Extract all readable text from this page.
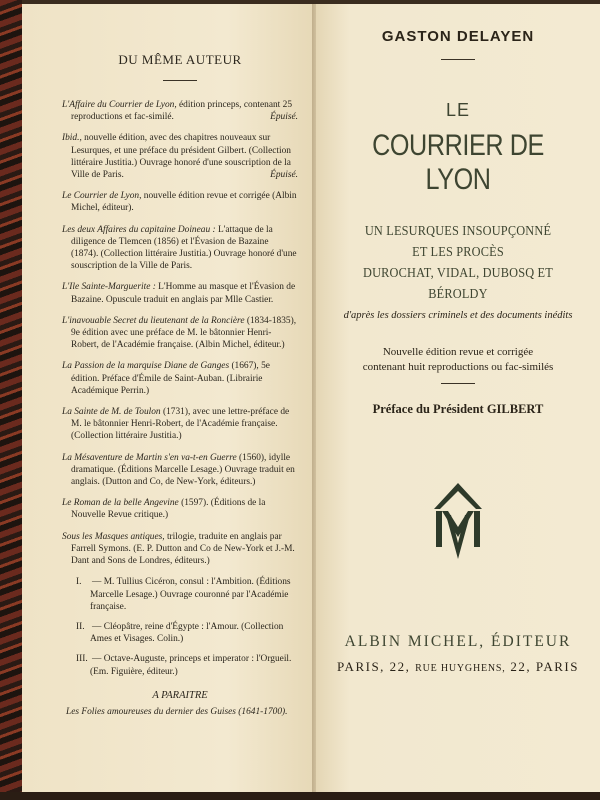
DU MÊME AUTEUR

L'Affaire du Courrier de Lyon, édition princeps, contenant 25 reproductions et fac-similé.	Épuisé.
Ibid., nouvelle édition, avec des chapitres nouveaux sur Lesurques, et une préface du président Gilbert. (Collection littéraire Justitia.) Ouvrage honoré d'une souscription de la Ville de Paris.	Épuisé.
Le Courrier de Lyon, nouvelle édition revue et corrigée (Albin Michel, éditeur).
Les deux Affaires du capitaine Doineau : L'attaque de la diligence de Tlemcen (1856) et l'Évasion de Bazaine (1874). (Collection littéraire Justitia.) Ouvrage honoré d'une souscription de la Ville de Paris.
L'Ile Sainte-Marguerite : L'Homme au masque et l'Évasion de Bazaine. Opuscule traduit en anglais par Mlle Castier.
L'inavouable Secret du lieutenant de la Roncière (1834-1835), 9e édition avec une préface de M. le bâtonnier Henri-Robert, de l'Académie française. (Albin Michel, éditeur.)
La Passion de la marquise Diane de Ganges (1667), 5e édition. Préface d'Émile de Saint-Auban. (Librairie Académique Perrin.)
La Sainte de M. de Toulon (1731), avec une lettre-préface de M. le bâtonnier Henri-Robert, de l'Académie française. (Collection littéraire Justitia.)
La Mésaventure de Martin s'en va-t-en Guerre (1560), idylle dramatique. (Éditions Marcelle Lesage.) Ouvrage traduit en anglais. (Dutton and Co, de New-York, éditeurs.)
Le Roman de la belle Angevine (1597). (Éditions de la Nouvelle Revue critique.)
Sous les Masques antiques, trilogie, traduite en anglais par Farrell Symons. (E. P. Dutton and Co de New-York et J.-M. Dant and Sons de Londres, éditeurs.)
I. — M. Tullius Cicéron, consul : l'Ambition. (Éditions Marcelle Lesage.) Ouvrage couronné par l'Académie française.
II. — Cléopâtre, reine d'Égypte : l'Amour. (Collection Ames et Visages. Colin.)
III. — Octave-Auguste, princeps et imperator : l'Orgueil. (Em. Figuière, éditeur.)
A PARAITRE
Les Folies amoureuses du dernier des Guises (1641-1700).
GASTON DELAYEN
LE
COURRIER DE LYON
UN LESURQUES INSOUPÇONNÉ
ET LES PROCÈS
DUROCHAT, VIDAL, DUBOSQ ET BÉROLDY
d'après les dossiers criminels et des documents inédits
Nouvelle édition revue et corrigée
contenant huit reproductions ou fac-similés
Préface du Président GILBERT
ALBIN MICHEL, ÉDITEUR
PARIS, 22, RUE HUYGHENS, 22, PARIS
